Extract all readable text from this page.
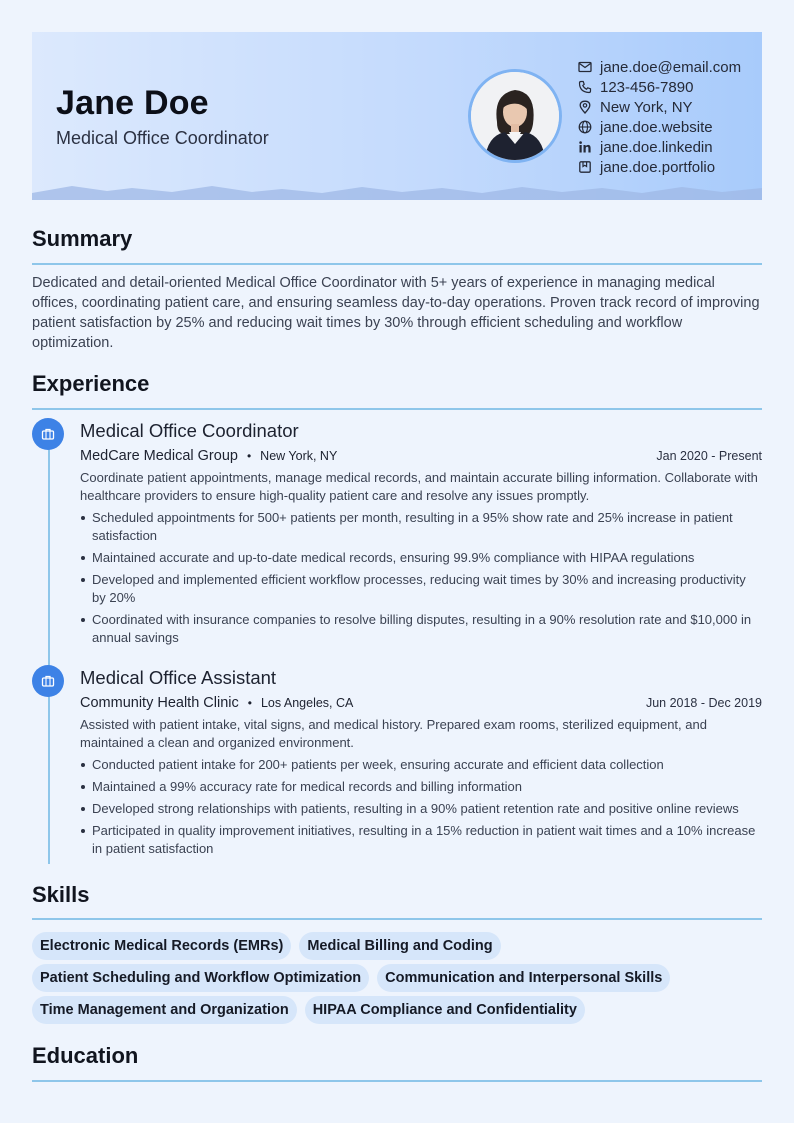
Jane Doe
Medical Office Coordinator
jane.doe@email.com
123-456-7890
New York, NY
jane.doe.website
jane.doe.linkedin
jane.doe.portfolio
Summary
Dedicated and detail-oriented Medical Office Coordinator with 5+ years of experience in managing medical offices, coordinating patient care, and ensuring seamless day-to-day operations. Proven track record of improving patient satisfaction by 25% and reducing wait times by 30% through efficient scheduling and workflow optimization.
Experience
Medical Office Coordinator
MedCare Medical Group • New York, NY	Jan 2020 - Present
Coordinate patient appointments, manage medical records, and maintain accurate billing information. Collaborate with healthcare providers to ensure high-quality patient care and resolve any issues promptly.
Scheduled appointments for 500+ patients per month, resulting in a 95% show rate and 25% increase in patient satisfaction
Maintained accurate and up-to-date medical records, ensuring 99.9% compliance with HIPAA regulations
Developed and implemented efficient workflow processes, reducing wait times by 30% and increasing productivity by 20%
Coordinated with insurance companies to resolve billing disputes, resulting in a 90% resolution rate and $10,000 in annual savings
Medical Office Assistant
Community Health Clinic • Los Angeles, CA	Jun 2018 - Dec 2019
Assisted with patient intake, vital signs, and medical history. Prepared exam rooms, sterilized equipment, and maintained a clean and organized environment.
Conducted patient intake for 200+ patients per week, ensuring accurate and efficient data collection
Maintained a 99% accuracy rate for medical records and billing information
Developed strong relationships with patients, resulting in a 90% patient retention rate and positive online reviews
Participated in quality improvement initiatives, resulting in a 15% reduction in patient wait times and a 10% increase in patient satisfaction
Skills
Electronic Medical Records (EMRs)	Medical Billing and Coding
Patient Scheduling and Workflow Optimization	Communication and Interpersonal Skills
Time Management and Organization	HIPAA Compliance and Confidentiality
Education
